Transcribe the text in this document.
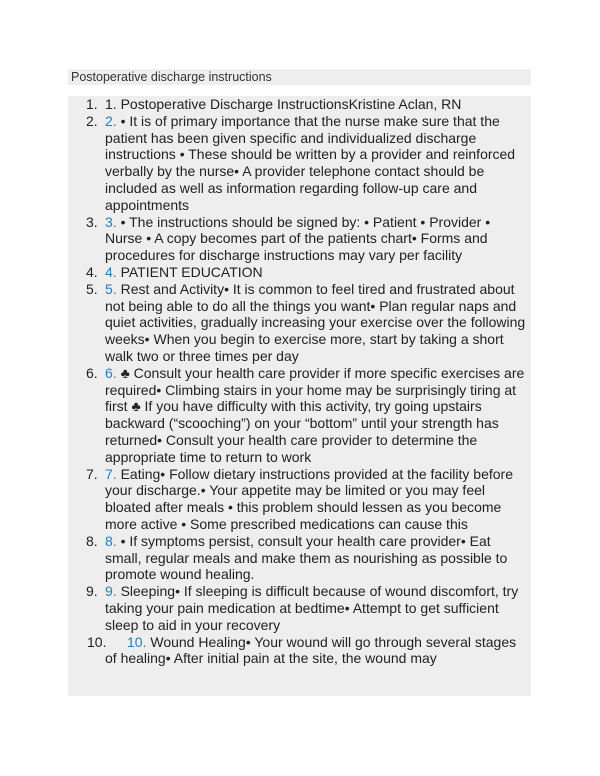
Postoperative discharge instructions
1. 1. Postoperative Discharge InstructionsKristine Aclan, RN
2. 2. • It is of primary importance that the nurse make sure that the patient has been given specific and individualized discharge instructions • These should be written by a provider and reinforced verbally by the nurse• A provider telephone contact should be included as well as information regarding follow-up care and appointments
3. 3. • The instructions should be signed by: • Patient • Provider • Nurse • A copy becomes part of the patients chart• Forms and procedures for discharge instructions may vary per facility
4. 4. PATIENT EDUCATION
5. 5. Rest and Activity• It is common to feel tired and frustrated about not being able to do all the things you want• Plan regular naps and quiet activities, gradually increasing your exercise over the following weeks• When you begin to exercise more, start by taking a short walk two or three times per day
6. 6. ♣ Consult your health care provider if more specific exercises are required• Climbing stairs in your home may be surprisingly tiring at first ♣ If you have difficulty with this activity, try going upstairs backward (“scooching”) on your “bottom” until your strength has returned• Consult your health care provider to determine the appropriate time to return to work
7. 7. Eating• Follow dietary instructions provided at the facility before your discharge.• Your appetite may be limited or you may feel bloated after meals • this problem should lessen as you become more active • Some prescribed medications can cause this
8. 8. • If symptoms persist, consult your health care provider• Eat small, regular meals and make them as nourishing as possible to promote wound healing.
9. 9. Sleeping• If sleeping is difficult because of wound discomfort, try taking your pain medication at bedtime• Attempt to get sufficient sleep to aid in your recovery
10.	10. Wound Healing• Your wound will go through several stages of healing• After initial pain at the site, the wound may
